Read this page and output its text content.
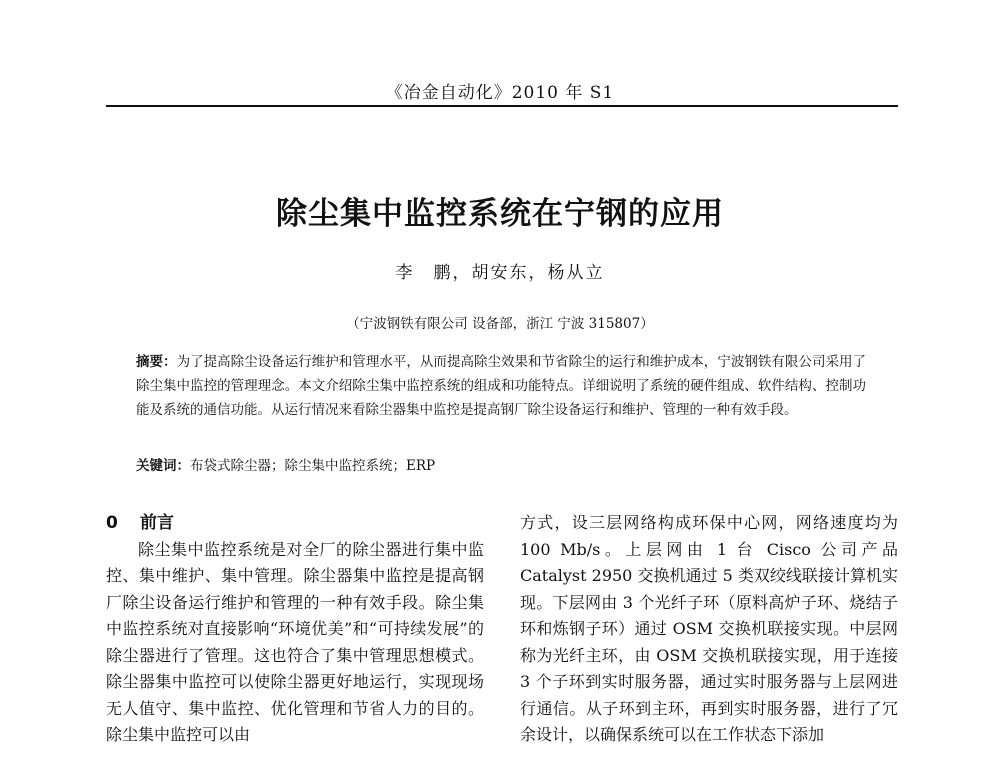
《冶金自动化》2010 年 S1
除尘集中监控系统在宁钢的应用
李　鹏，胡安东，杨从立
（宁波钢铁有限公司 设备部，浙江 宁波 315807）
摘要：为了提高除尘设备运行维护和管理水平，从而提高除尘效果和节省除尘的运行和维护成本，宁波钢铁有限公司采用了除尘集中监控的管理理念。本文介绍除尘集中监控系统的组成和功能特点。详细说明了系统的硬件组成、软件结构、控制功能及系统的通信功能。从运行情况来看除尘器集中监控是提高钢厂除尘设备运行和维护、管理的一种有效手段。
关键词：布袋式除尘器；除尘集中监控系统；ERP
0 前言

除尘集中监控系统是对全厂的除尘器进行集中监控、集中维护、集中管理。除尘器集中监控是提高钢厂除尘设备运行维护和管理的一种有效手段。除尘集中监控系统对直接影响“环境优美”和“可持续发展”的除尘器进行了管理。这也符合了集中管理思想模式。除尘器集中监控可以使除尘器更好地运行，实现现场无人值守、集中监控、优化管理和节省人力的目的。除尘集中监控可以由

方式，设三层网络构成环保中心网，网络速度均为 100 Mb/s。上层网由 1 台 Cisco 公司产品 Catalyst 2950 交换机通过 5 类双绞线联接计算机实现。下层网由 3 个光纤子环（原料高炉子环、烧结子环和炼钢子环）通过 OSM 交换机联接实现。中层网称为光纤主环，由 OSM 交换机联接实现，用于连接 3 个子环到实时服务器，通过实时服务器与上层网进行通信。从子环到主环，再到实时服务器，进行了冗余设计，以确保系统可以在工作状态下添加
